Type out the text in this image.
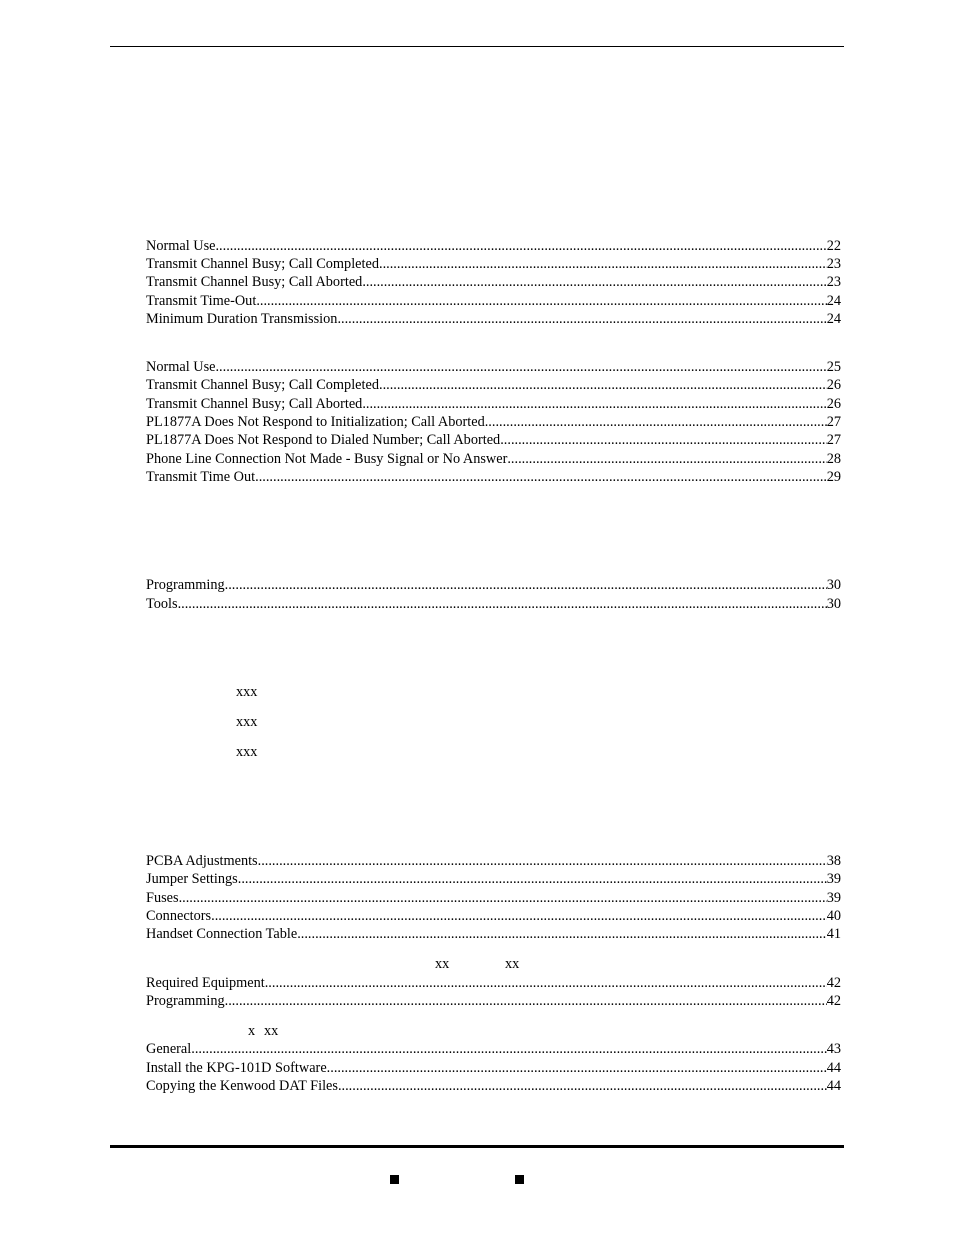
Normal Use .....	22
Transmit Channel Busy; Call Completed .....	23
Transmit Channel Busy; Call Aborted .....	23
Transmit Time-Out .....	24
Minimum Duration Transmission .....	24
Normal Use .....	25
Transmit Channel Busy; Call Completed .....	26
Transmit Channel Busy; Call Aborted .....	26
PL1877A Does Not Respond to Initialization; Call Aborted .....	27
PL1877A Does Not Respond to Dialed Number; Call Aborted .....	27
Phone Line Connection Not Made - Busy Signal or No Answer .....	28
Transmit Time Out .....	29
Programming .....	30
Tools .....	30
xxx
xxx
xxx
PCBA Adjustments .....	38
Jumper Settings .....	39
Fuses .....	39
Connectors .....	40
Handset Connection Table .....	41
xx	xx
Required Equipment .....	42
Programming .....	42
x xx
General .....	43
Install the KPG-101D Software .....	44
Copying the Kenwood DAT Files .....	44
